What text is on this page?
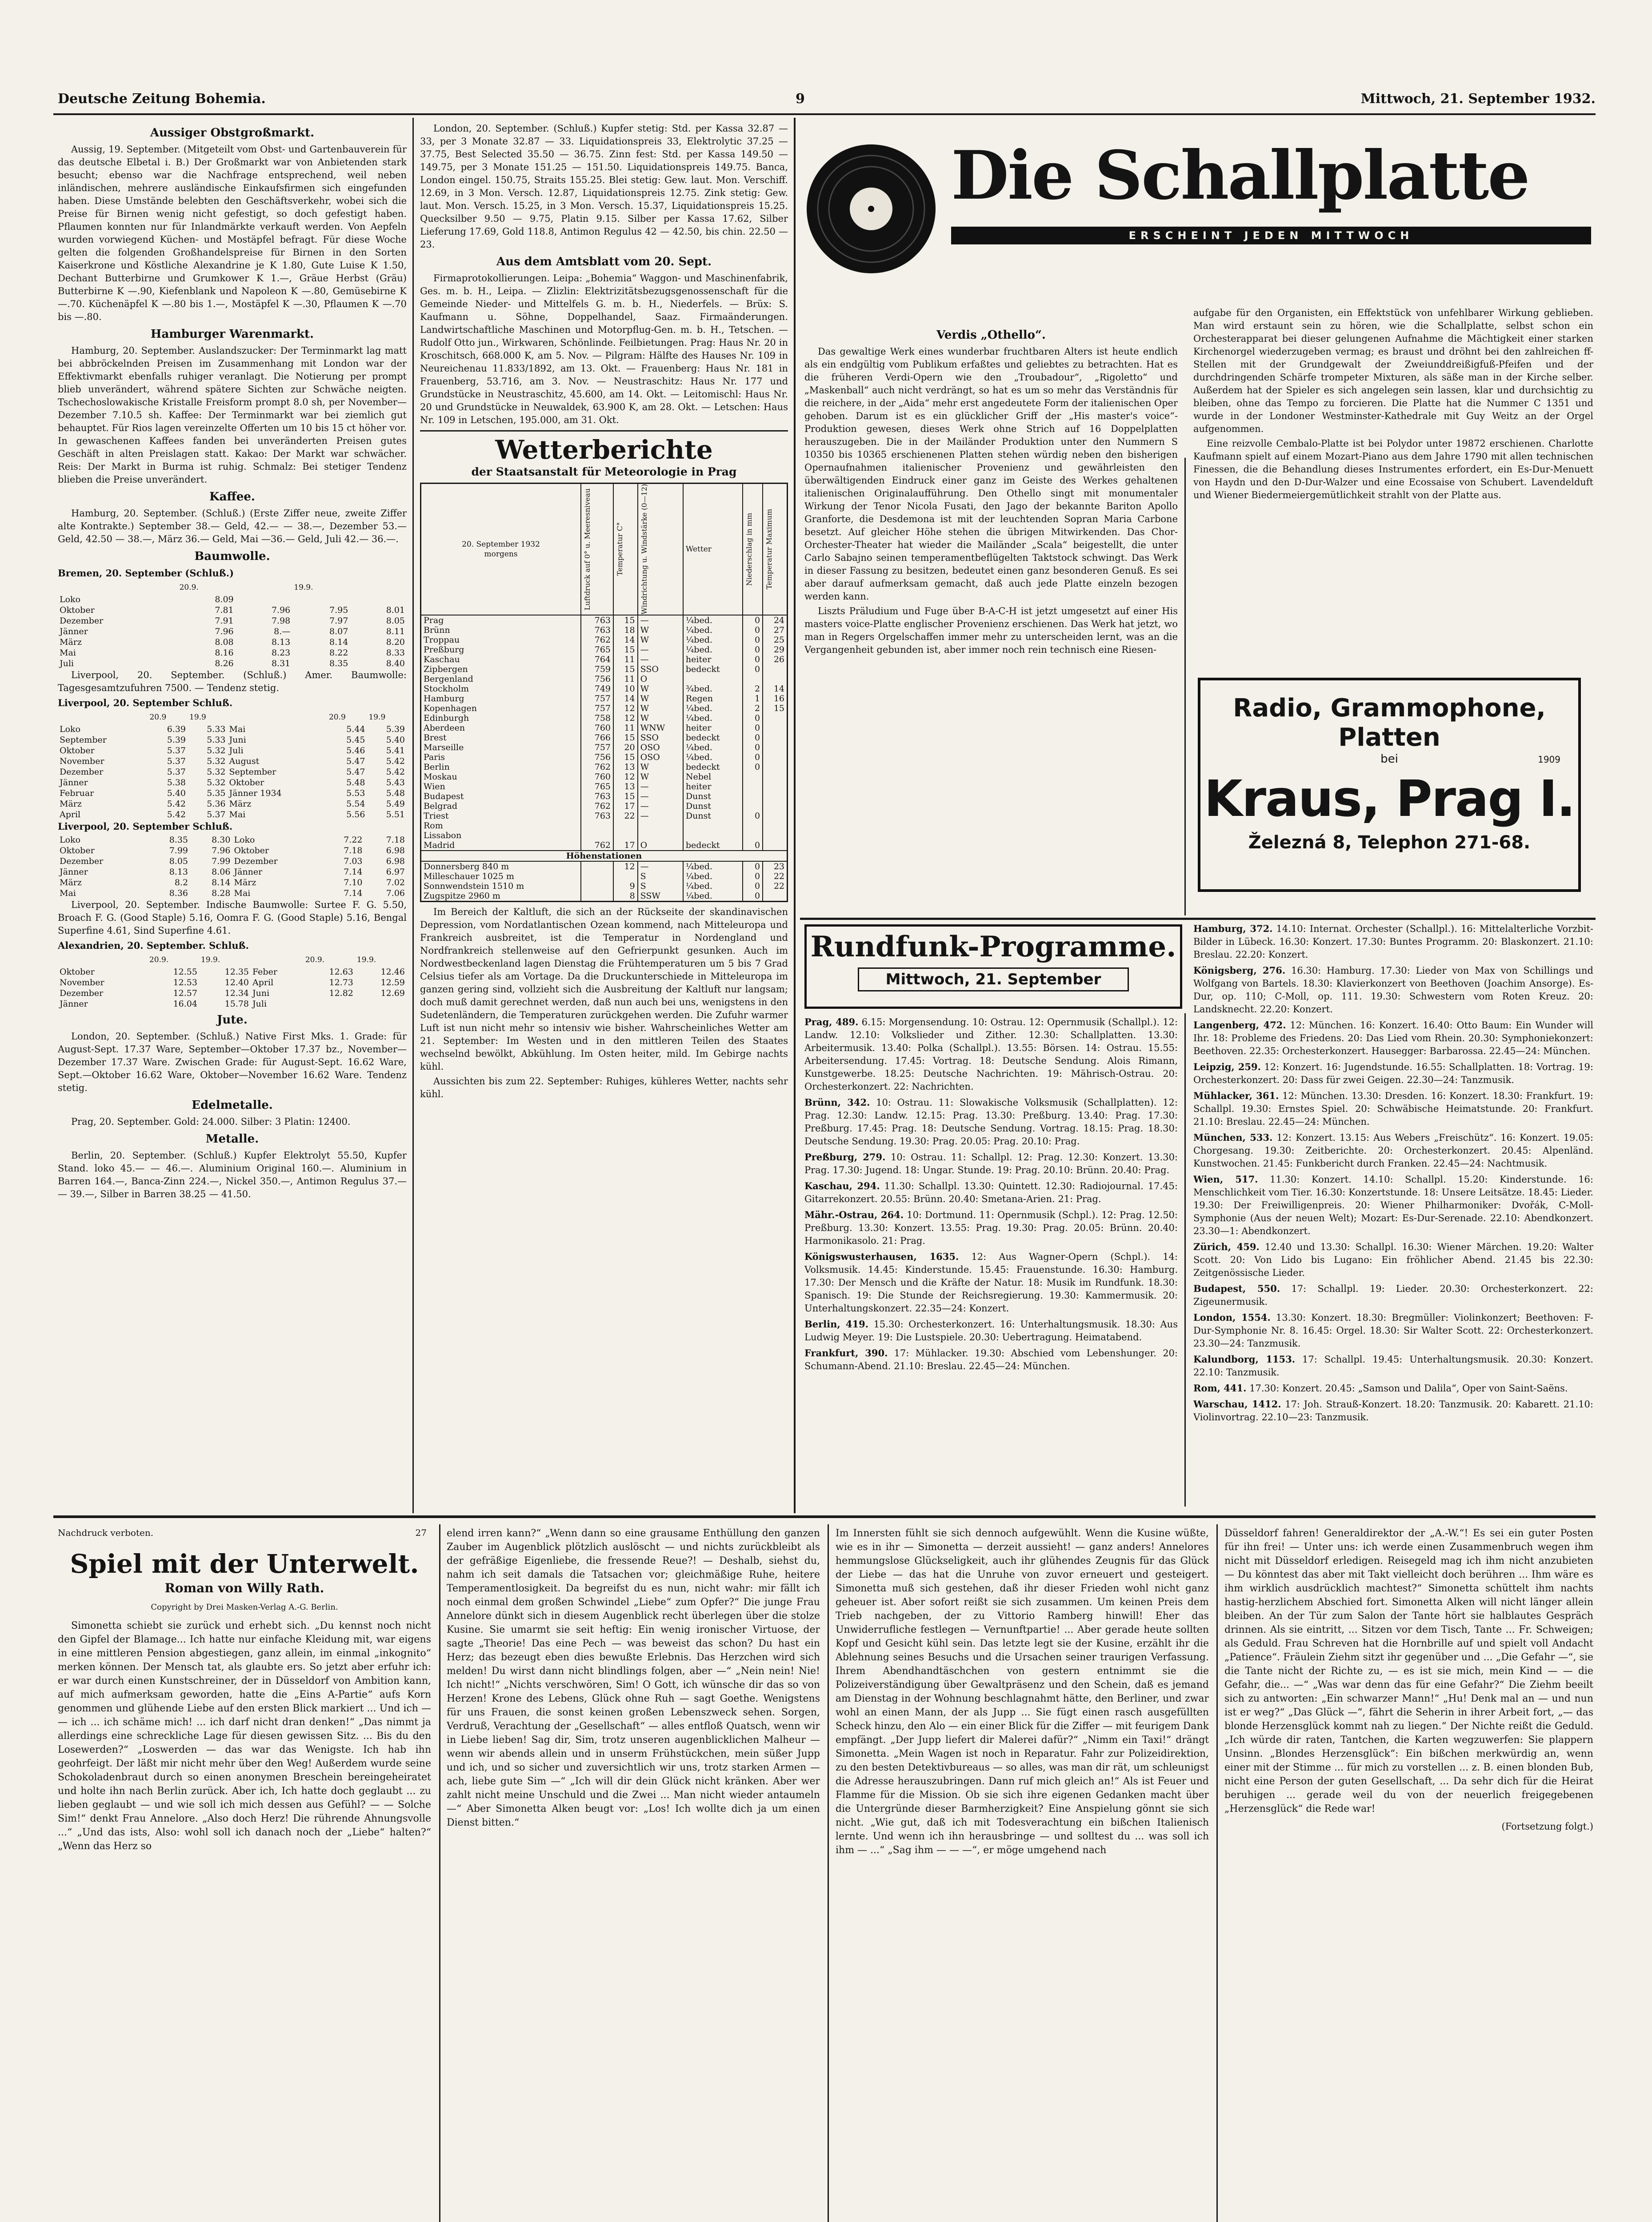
Deutsche Zeitung Bohemia.	9	Mittwoch, 21. September 1932.
Aussiger Obstgroßmarkt.

Aussig, 19. September. (Mitgeteilt vom Obst- und Gartenbauverein für das deutsche Elbetal i. B.) Der Großmarkt war von Anbietenden stark besucht; ebenso war die Nachfrage entsprechend, weil neben inländischen, mehrere ausländische Einkaufsfirmen sich eingefunden haben. Diese Umstände belebten den Geschäftsverkehr, wobei sich die Preise für Birnen wenig nicht gefestigt, so doch gefestigt haben. Pflaumen konnten nur für Inlandmärkte verkauft werden. Von Aepfeln wurden vorwiegend Küchen- und Mostäpfel befragt. Für diese Woche gelten die folgenden Großhandelspreise für Birnen in den Sorten Kaiserkrone und Köstliche Alexandrine je K 1.80, Gute Luise K 1.50, Dechant Butterbirne und Grumkower K 1.—, Gräue Herbst (Gräu) Butterbirne K —.90, Kiefenblank und Napoleon K —.80, Gemüsebirne K —.70. Küchenäpfel K —.80 bis 1.—, Mostäpfel K —.30, Pflaumen K —.70 bis —.80.

Hamburger Warenmarkt.

Hamburg, 20. September. Auslandszucker: Der Terminmarkt lag matt bei abbröckelnden Preisen im Zusammenhang mit London war der Effektivmarkt ebenfalls ruhiger veranlagt. Die Notierung per prompt blieb unverändert, während spätere Sichten zur Schwäche neigten. Tschechoslowakische Kristalle Freisform prompt 8.0 sh, per November—Dezember 7.10.5 sh. Kaffee: Der Terminmarkt war bei ziemlich gut behauptet. Für Rios lagen vereinzelte Offerten um 10 bis 15 ct höher vor. In gewaschenen Kaffees fanden bei unveränderten Preisen gutes Geschäft in alten Preislagen statt. Kakao: Der Markt war schwächer. Reis: Der Markt in Burma ist ruhig. Schmalz: Bei stetiger Tendenz blieben die Preise unverändert.

Kaffee.

Hamburg, 20. September. (Schluß.) (Erste Ziffer neue, zweite Ziffer alte Kontrakte.) September 38.— Geld, 42.— — 38.—, Dezember 53.— Geld, 42.50 — 38.—, März 36.— Geld, Mai —36.— Geld, Juli 42.— 36.—.

Baumwolle.

Bremen, 20. September (Schluß.)

	20.9.		19.9.	
Loko	8.09			
Oktober	7.81	7.96	7.95	8.01
Dezember	7.91	7.98	7.97	8.05
Jänner	7.96	8.—	8.07	8.11
März	8.08	8.13	8.14	8.20
Mai	8.16	8.23	8.22	8.33
Juli	8.26	8.31	8.35	8.40

Liverpool, 20. September. (Schluß.) Amer. Baumwolle: Tagesgesamtzufuhren 7500. — Tendenz stetig.

Liverpool, 20. September Schluß.

	20.9	19.9		20.9	19.9
Loko	6.39	5.33	Mai	5.44	5.39
September	5.39	5.33	Juni	5.45	5.40
Oktober	5.37	5.32	Juli	5.46	5.41
November	5.37	5.32	August	5.47	5.42
Dezember	5.37	5.32	September	5.47	5.42
Jänner	5.38	5.32	Oktober	5.48	5.43
Februar	5.40	5.35	Jänner 1934	5.53	5.48
März	5.42	5.36	März	5.54	5.49
April	5.42	5.37	Mai	5.56	5.51

Liverpool, 20. September Schluß.

Loko	8.35	8.30	Loko	7.22	7.18
Oktober	7.99	7.96	Oktober	7.18	6.98
Dezember	8.05	7.99	Dezember	7.03	6.98
Jänner	8.13	8.06	Jänner	7.14	6.97
März	8.2	8.14	März	7.10	7.02
Mai	8.36	8.28	Mai	7.14	7.06

Liverpool, 20. September. Indische Baumwolle: Surtee F. G. 5.50, Broach F. G. (Good Staple) 5.16, Oomra F. G. (Good Staple) 5.16, Bengal Superfine 4.61, Sind Superfine 4.61.

Alexandrien, 20. September. Schluß.

	20.9.	19.9.		20.9.	19.9.
Oktober	12.55	12.35	Feber	12.63	12.46
November	12.53	12.40	April	12.73	12.59
Dezember	12.57	12.34	Juni	12.82	12.69
Jänner	16.04	15.78	Juli		
Jute.

London, 20. September. (Schluß.) Native First Mks. 1. Grade: für August-Sept. 17.37 Ware, September—Oktober 17.37 bz., November—Dezember 17.37 Ware. Zwischen Grade: für August-Sept. 16.62 Ware, Sept.—Oktober 16.62 Ware, Oktober—November 16.62 Ware. Tendenz stetig.

Edelmetalle.

Prag, 20. September. Gold: 24.000. Silber: 3 Platin: 12400.

Metalle.

Berlin, 20. September. (Schluß.) Kupfer Elektrolyt 55.50, Kupfer Stand. loko 45.— — 46.—. Aluminium Original 160.—. Aluminium in Barren 164.—, Banca-Zinn 224.—, Nickel 350.—, Antimon Regulus 37.— — 39.—, Silber in Barren 38.25 — 41.50.

London, 20. September. (Schluß.) Kupfer stetig: Std. per Kassa 32.87 — 33, per 3 Monate 32.87 — 33. Liquidationspreis 33, Elektrolytic 37.25 — 37.75, Best Selected 35.50 — 36.75. Zinn fest: Std. per Kassa 149.50 — 149.75, per 3 Monate 151.25 — 151.50. Liquidationspreis 149.75. Banca, London eingel. 150.75, Straits 155.25. Blei stetig: Gew. laut. Mon. Verschiff. 12.69, in 3 Mon. Versch. 12.87, Liquidationspreis 12.75. Zink stetig: Gew. laut. Mon. Versch. 15.25, in 3 Mon. Versch. 15.37, Liquidationspreis 15.25. Quecksilber 9.50 — 9.75, Platin 9.15. Silber per Kassa 17.62, Silber Lieferung 17.69, Gold 118.8, Antimon Regulus 42 — 42.50, bis chin. 22.50 — 23.

Aus dem Amtsblatt vom 20. Sept.

Firmaprotokollierungen. Leipa: „Bohemia“ Waggon- und Maschinenfabrik, Ges. m. b. H., Leipa. — Zlizlin: Elektrizitätsbezugsgenossenschaft für die Gemeinde Nieder- und Mittelfels G. m. b. H., Niederfels. — Brüx: S. Kaufmann u. Söhne, Doppelhandel, Saaz. Firmaänderungen. Landwirtschaftliche Maschinen und Motorpflug-Gen. m. b. H., Tetschen. — Rudolf Otto jun., Wirkwaren, Schönlinde. Feilbietungen. Prag: Haus Nr. 20 in Kroschitsch, 668.000 K, am 5. Nov. — Pilgram: Hälfte des Hauses Nr. 109 in Neureichenau 11.833/1892, am 13. Okt. — Frauenberg: Haus Nr. 181 in Frauenberg, 53.716, am 3. Nov. — Neustraschitz: Haus Nr. 177 und Grundstücke in Neustraschitz, 45.600, am 14. Okt. — Leitomischl: Haus Nr. 20 und Grundstücke in Neuwaldek, 63.900 K, am 28. Okt. — Letschen: Haus Nr. 109 in Letschen, 195.000, am 31. Okt.

Wetterberichte
der Staatsanstalt für Meteorologie in Prag
20. September 1932
morgens	Luftdruck auf 0° u. Meeresniveau	Temperatur C°	Windrichtung u. Windstärke (0—12)	Wetter	Niederschlag in mm	Temperatur Maximum

Prag	763	15	—	¼bed.	0	24
Brünn	763	18	W	¼bed.	0	27
Troppau	762	14	W	¼bed.	0	25
Preßburg	765	15	—	¼bed.	0	29
Kaschau	764	11	—	heiter	0	26
Zipbergen	759	15	SSO	bedeckt	0	
Bergenland	756	11	O			
Stockholm	749	10	W	¾bed.	2	14
Hamburg	757	14	W	Regen	1	16
Kopenhagen	757	12	W	¼bed.	2	15
Edinburgh	758	12	W	¼bed.	0	
Aberdeen	760	11	WNW	heiter	0	
Brest	766	15	SSO	bedeckt	0	
Marseille	757	20	OSO	¼bed.	0	
Paris	756	15	OSO	¼bed.	0	
Berlin	762	13	W	bedeckt	0	
Moskau	760	12	W	Nebel		
Wien	765	13	—	heiter		
Budapest	763	15	—	Dunst		
Belgrad	762	17	—	Dunst		
Triest	763	22	—	Dunst	0	
Rom						
Lissabon						
Madrid	762	17	O	bedeckt	0	
Höhenstationen						
Donnersberg 840 m		12	—	¼bed.	0	23
Milleschauer 1025 m			S	¼bed.	0	22
Sonnwendstein 1510 m		9	S	¼bed.	0	22
Zugspitze 2960 m		8	SSW	¼bed.	0	

Im Bereich der Kaltluft, die sich an der Rückseite der skandinavischen Depression, vom Nordatlantischen Ozean kommend, nach Mitteleuropa und Frankreich ausbreitet, ist die Temperatur in Nordengland und Nordfrankreich stellenweise auf den Gefrierpunkt gesunken. Auch im Nordwestbeckenland lagen Dienstag die Frühtemperaturen um 5 bis 7 Grad Celsius tiefer als am Vortage. Da die Druckunterschiede in Mitteleuropa im ganzen gering sind, vollzieht sich die Ausbreitung der Kaltluft nur langsam; doch muß damit gerechnet werden, daß nun auch bei uns, wenigstens in den Sudetenländern, die Temperaturen zurückgehen werden. Die Zufuhr warmer Luft ist nun nicht mehr so intensiv wie bisher. Wahrscheinliches Wetter am 21. September: Im Westen und in den mittleren Teilen des Staates wechselnd bewölkt, Abkühlung. Im Osten heiter, mild. Im Gebirge nachts kühl.

Aussichten bis zum 22. September: Ruhiges, kühleres Wetter, nachts sehr kühl.

Die Schallplatte
ERSCHEINT JEDEN MITTWOCH
Verdis „Othello“.

Das gewaltige Werk eines wunderbar fruchtbaren Alters ist heute endlich als ein endgültig vom Publikum erfaßtes und geliebtes zu betrachten. Hat es die früheren Verdi-Opern wie den „Troubadour“, „Rigoletto“ und „Maskenball“ auch nicht verdrängt, so hat es um so mehr das Verständnis für die reichere, in der „Aida“ mehr erst angedeutete Form der italienischen Oper gehoben. Darum ist es ein glücklicher Griff der „His master's voice“-Produktion gewesen, dieses Werk ohne Strich auf 16 Doppelplatten herauszugeben. Die in der Mailänder Produktion unter den Nummern S 10350 bis 10365 erschienenen Platten stehen würdig neben den bisherigen Opernaufnahmen italienischer Provenienz und gewährleisten den überwältigenden Eindruck einer ganz im Geiste des Werkes gehaltenen italienischen Originalaufführung. Den Othello singt mit monumentaler Wirkung der Tenor Nicola Fusati, den Jago der bekannte Bariton Apollo Granforte, die Desdemona ist mit der leuchtenden Sopran Maria Carbone besetzt. Auf gleicher Höhe stehen die übrigen Mitwirkenden. Das Chor-Orchester-Theater hat wieder die Mailänder „Scala“ beigestellt, die unter Carlo Sabajno seinen temperamentbeflügelten Taktstock schwingt. Das Werk in dieser Fassung zu besitzen, bedeutet einen ganz besonderen Genuß. Es sei aber darauf aufmerksam gemacht, daß auch jede Platte einzeln bezogen werden kann.

Liszts Präludium und Fuge über B-A-C-H ist jetzt umgesetzt auf einer His masters voice-Platte englischer Provenienz erschienen. Das Werk hat jetzt, wo man in Regers Orgelschaffen immer mehr zu unterscheiden lernt, was an die Vergangenheit gebunden ist, aber immer noch rein technisch eine Riesen-

aufgabe für den Organisten, ein Effektstück von unfehlbarer Wirkung geblieben. Man wird erstaunt sein zu hören, wie die Schallplatte, selbst schon ein Orchesterapparat bei dieser gelungenen Aufnahme die Mächtigkeit einer starken Kirchenorgel wiederzugeben vermag; es braust und dröhnt bei den zahlreichen ff-Stellen mit der Grundgewalt der Zweiunddreißigfuß-Pfeifen und der durchdringenden Schärfe trompeter Mixturen, als säße man in der Kirche selber. Außerdem hat der Spieler es sich angelegen sein lassen, klar und durchsichtig zu bleiben, ohne das Tempo zu forcieren. Die Platte hat die Nummer C 1351 und wurde in der Londoner Westminster-Kathedrale mit Guy Weitz an der Orgel aufgenommen.

Eine reizvolle Cembalo-Platte ist bei Polydor unter 19872 erschienen. Charlotte Kaufmann spielt auf einem Mozart-Piano aus dem Jahre 1790 mit allen technischen Finessen, die die Behandlung dieses Instrumentes erfordert, ein Es-Dur-Menuett von Haydn und den D-Dur-Walzer und eine Ecossaise von Schubert. Lavendelduft und Wiener Biedermeiergemütlichkeit strahlt von der Platte aus.

Radio, Grammophone,
Platten
bei	1909
Kraus, Prag I.
Železná 8, Telephon 271-68.
Rundfunk-Programme.
Mittwoch, 21. September

Prag, 489. 6.15: Morgensendung. 10: Ostrau. 12: Opernmusik (Schallpl.). 12: Landw. 12.10: Volkslieder und Zither. 12.30: Schallplatten. 13.30: Arbeitermusik. 13.40: Polka (Schallpl.). 13.55: Börsen. 14: Ostrau. 15.55: Arbeitersendung. 17.45: Vortrag. 18: Deutsche Sendung. Alois Rimann, Kunstgewerbe. 18.25: Deutsche Nachrichten. 19: Mährisch-Ostrau. 20: Orchesterkonzert. 22: Nachrichten.

Brünn, 342. 10: Ostrau. 11: Slowakische Volksmusik (Schallplatten). 12: Prag. 12.30: Landw. 12.15: Prag. 13.30: Preßburg. 13.40: Prag. 17.30: Preßburg. 17.45: Prag. 18: Deutsche Sendung. Vortrag. 18.15: Prag. 18.30: Deutsche Sendung. 19.30: Prag. 20.05: Prag. 20.10: Prag.

Preßburg, 279. 10: Ostrau. 11: Schallpl. 12: Prag. 12.30: Konzert. 13.30: Prag. 17.30: Jugend. 18: Ungar. Stunde. 19: Prag. 20.10: Brünn. 20.40: Prag.

Kaschau, 294. 11.30: Schallpl. 13.30: Quintett. 12.30: Radiojournal. 17.45: Gitarrekonzert. 20.55: Brünn. 20.40: Smetana-Arien. 21: Prag.

Mähr.-Ostrau, 264. 10: Dortmund. 11: Opernmusik (Schpl.). 12: Prag. 12.50: Preßburg. 13.30: Konzert. 13.55: Prag. 19.30: Prag. 20.05: Brünn. 20.40: Harmonikasolo. 21: Prag.

Königswusterhausen, 1635. 12: Aus Wagner-Opern (Schpl.). 14: Volksmusik. 14.45: Kinderstunde. 15.45: Frauenstunde. 16.30: Hamburg. 17.30: Der Mensch und die Kräfte der Natur. 18: Musik im Rundfunk. 18.30: Spanisch. 19: Die Stunde der Reichsregierung. 19.30: Kammermusik. 20: Unterhaltungskonzert. 22.35—24: Konzert.

Berlin, 419. 15.30: Orchesterkonzert. 16: Unterhaltungsmusik. 18.30: Aus Ludwig Meyer. 19: Die Lustspiele. 20.30: Uebertragung. Heimatabend.

Frankfurt, 390. 17: Mühlacker. 19.30: Abschied vom Lebenshunger. 20: Schumann-Abend. 21.10: Breslau. 22.45—24: München.

Hamburg, 372. 14.10: Internat. Orchester (Schallpl.). 16: Mittelalterliche Vorzbit-Bilder in Lübeck. 16.30: Konzert. 17.30: Buntes Programm. 20: Blaskonzert. 21.10: Breslau. 22.20: Konzert.

Königsberg, 276. 16.30: Hamburg. 17.30: Lieder von Max von Schillings und Wolfgang von Bartels. 18.30: Klavierkonzert von Beethoven (Joachim Ansorge). Es-Dur, op. 110; C-Moll, op. 111. 19.30: Schwestern vom Roten Kreuz. 20: Landsknecht. 22.20: Konzert.

Langenberg, 472. 12: München. 16: Konzert. 16.40: Otto Baum: Ein Wunder will Ihr. 18: Probleme des Friedens. 20: Das Lied vom Rhein. 20.30: Symphoniekonzert: Beethoven. 22.35: Orchesterkonzert. Hausegger: Barbarossa. 22.45—24: München.

Leipzig, 259. 12: Konzert. 16: Jugendstunde. 16.55: Schallplatten. 18: Vortrag. 19: Orchesterkonzert. 20: Dass für zwei Geigen. 22.30—24: Tanzmusik.

Mühlacker, 361. 12: München. 13.30: Dresden. 16: Konzert. 18.30: Frankfurt. 19: Schallpl. 19.30: Ernstes Spiel. 20: Schwäbische Heimatstunde. 20: Frankfurt. 21.10: Breslau. 22.45—24: München.

München, 533. 12: Konzert. 13.15: Aus Webers „Freischütz“. 16: Konzert. 19.05: Chorgesang. 19.30: Zeitberichte. 20: Orchesterkonzert. 20.45: Alpenländ. Kunstwochen. 21.45: Funkbericht durch Franken. 22.45—24: Nachtmusik.

Wien, 517. 11.30: Konzert. 14.10: Schallpl. 15.20: Kinderstunde. 16: Menschlichkeit vom Tier. 16.30: Konzertstunde. 18: Unsere Leitsätze. 18.45: Lieder. 19.30: Der Freiwilligenpreis. 20: Wiener Philharmoniker: Dvořák, C-Moll-Symphonie (Aus der neuen Welt); Mozart: Es-Dur-Serenade. 22.10: Abendkonzert. 23.30—1: Abendkonzert.

Zürich, 459. 12.40 und 13.30: Schallpl. 16.30: Wiener Märchen. 19.20: Walter Scott. 20: Von Lido bis Lugano: Ein fröhlicher Abend. 21.45 bis 22.30: Zeitgenössische Lieder.

Budapest, 550. 17: Schallpl. 19: Lieder. 20.30: Orchesterkonzert. 22: Zigeunermusik.

London, 1554. 13.30: Konzert. 18.30: Bregmüller: Violinkonzert; Beethoven: F-Dur-Symphonie Nr. 8. 16.45: Orgel. 18.30: Sir Walter Scott. 22: Orchesterkonzert. 23.30—24: Tanzmusik.

Kalundborg, 1153. 17: Schallpl. 19.45: Unterhaltungsmusik. 20.30: Konzert. 22.10: Tanzmusik.

Rom, 441. 17.30: Konzert. 20.45: „Samson und Dalila“, Oper von Saint-Saëns.

Warschau, 1412. 17: Joh. Strauß-Konzert. 18.20: Tanzmusik. 20: Kabarett. 21.10: Violinvortrag. 22.10—23: Tanzmusik.

Nachdruck verboten.	27
Spiel mit der Unterwelt.
Roman von Willy Rath.
Copyright by Drei Masken-Verlag A.-G. Berlin.

Simonetta schiebt sie zurück und erhebt sich. „Du kennst noch nicht den Gipfel der Blamage... Ich hatte nur einfache Kleidung mit, war eigens in eine mittleren Pension abgestiegen, ganz allein, im einmal „inkognito“ merken können. Der Mensch tat, als glaubte ers. So jetzt aber erfuhr ich: er war durch einen Kunstschreiner, der in Düsseldorf von Ambition kann, auf mich aufmerksam geworden, hatte die „Eins A-Partie“ aufs Korn genommen und glühende Liebe auf den ersten Blick markiert ... Und ich — — ich ... ich schäme mich! ... ich darf nicht dran denken!“ „Das nimmt ja allerdings eine schreckliche Lage für diesen gewissen Sitz. ... Bis du den Losewerden?“ „Loswerden — das war das Wenigste. Ich hab ihn geohrfeigt. Der läßt mir nicht mehr über den Weg! Außerdem wurde seine Schokoladenbraut durch so einen anonymen Breschein bereingeheiratet und holte ihn nach Berlin zurück. Aber ich, Ich hatte doch geglaubt ... zu lieben geglaubt — und wie soll ich mich dessen aus Gefühl? — — Solche Sim!“ denkt Frau Annelore. „Also doch Herz! Die rührende Ahnungsvolle ...“ „Und das ists, Also: wohl soll ich danach noch der „Liebe“ halten?“ „Wenn das Herz so

elend irren kann?“ „Wenn dann so eine grausame Enthüllung den ganzen Zauber im Augenblick plötzlich auslöscht — und nichts zurückbleibt als der gefräßige Eigenliebe, die fressende Reue?! — Deshalb, siehst du, nahm ich seit damals die Tatsachen vor; gleichmäßige Ruhe, heitere Temperamentlosigkeit. Da begreifst du es nun, nicht wahr: mir fällt ich noch einmal dem großen Schwindel „Liebe“ zum Opfer?“ Die junge Frau Annelore dünkt sich in diesem Augenblick recht überlegen über die stolze Kusine. Sie umarmt sie seit heftig: Ein wenig ironischer Virtuose, der sagte „Theorie! Das eine Pech — was beweist das schon? Du hast ein Herz; das bezeugt eben dies bewußte Erlebnis. Das Herzchen wird sich melden! Du wirst dann nicht blindlings folgen, aber —“ „Nein nein! Nie! Ich nicht!“ „Nichts verschwören, Sim! O Gott, ich wünsche dir das so von Herzen! Krone des Lebens, Glück ohne Ruh — sagt Goethe. Wenigstens für uns Frauen, die sonst keinen großen Lebenszweck sehen. Sorgen, Verdruß, Verachtung der „Gesellschaft“ — alles entfloß Quatsch, wenn wir in Liebe lieben! Sag dir, Sim, trotz unseren augenblicklichen Malheur — wenn wir abends allein und in unserm Frühstückchen, mein süßer Jupp und ich, und so sicher und zuversichtlich wir uns, trotz starken Armen — ach, liebe gute Sim —“ „Ich will dir dein Glück nicht kränken. Aber wer zahlt nicht meine Unschuld und die Zwei ... Man nicht wieder antaumeln —“ Aber Simonetta Alken beugt vor: „Los! Ich wollte dich ja um einen Dienst bitten.“

Im Innersten fühlt sie sich dennoch aufgewühlt. Wenn die Kusine wüßte, wie es in ihr — Simonetta — derzeit aussieht! — ganz anders! Annelores hemmungslose Glückseligkeit, auch ihr glühendes Zeugnis für das Glück der Liebe — das hat die Unruhe von zuvor erneuert und gesteigert. Simonetta muß sich gestehen, daß ihr dieser Frieden wohl nicht ganz geheuer ist. Aber sofort reißt sie sich zusammen. Um keinen Preis dem Trieb nachgeben, der zu Vittorio Ramberg hinwill! Eher das Unwiderrufliche festlegen — Vernunftpartie! ... Aber gerade heute sollten Kopf und Gesicht kühl sein. Das letzte legt sie der Kusine, erzählt ihr die Ablehnung seines Besuchs und die Ursachen seiner traurigen Verfassung. Ihrem Abendhandtäschchen von gestern entnimmt sie die Polizeiverständigung über Gewaltpräsenz und den Schein, daß es jemand am Dienstag in der Wohnung beschlagnahmt hätte, den Berliner, und zwar wohl an einen Mann, der als Jupp ... Sie fügt einen rasch ausgefüllten Scheck hinzu, den Alo — ein einer Blick für die Ziffer — mit feurigem Dank empfängt. „Der Jupp liefert dir Malerei dafür?“ „Nimm ein Taxi!“ drängt Simonetta. „Mein Wagen ist noch in Reparatur. Fahr zur Polizeidirektion, zu den besten Detektivbureaus — so alles, was man dir rät, um schleunigst die Adresse herauszubringen. Dann ruf mich gleich an!“ Als ist Feuer und Flamme für die Mission. Ob sie sich ihre eigenen Gedanken macht über die Untergründe dieser Barmherzigkeit? Eine Anspielung gönnt sie sich nicht. „Wie gut, daß ich mit Todesverachtung ein bißchen Italienisch lernte. Und wenn ich ihn herausbringe — und solltest du ... was soll ich ihm — ...“ „Sag ihm — — —“, er möge umgehend nach

Düsseldorf fahren! Generaldirektor der „A.-W.“! Es sei ein guter Posten für ihn frei! — Unter uns: ich werde einen Zusammenbruch wegen ihm nicht mit Düsseldorf erledigen. Reisegeld mag ich ihm nicht anzubieten — Du könntest das aber mit Takt vielleicht doch berühren ... Ihm wäre es ihm wirklich ausdrücklich machtest?“ Simonetta schüttelt ihm nachts hastig-herzlichem Abschied fort. Simonetta Alken will nicht länger allein bleiben. An der Tür zum Salon der Tante hört sie halblautes Gespräch drinnen. Als sie eintritt, ... Sitzen vor dem Tisch, Tante ... Fr. Schweigen; als Geduld. Frau Schreven hat die Hornbrille auf und spielt voll Andacht „Patience“. Fräulein Ziehm sitzt ihr gegenüber und ... „Die Gefahr —“, sie die Tante nicht der Richte zu, — es ist sie mich, mein Kind — — die Gefahr, die... —“ „Was war denn das für eine Gefahr?“ Die Ziehm beeilt sich zu antworten: „Ein schwarzer Mann!“ „Hu! Denk mal an — und nun ist er weg?“ „Das Glück —“, fährt die Seherin in ihrer Arbeit fort, „— das blonde Herzensglück kommt nah zu liegen.“ Der Nichte reißt die Geduld. „Ich würde dir raten, Tantchen, die Karten wegzuwerfen: Sie plappern Unsinn. „Blondes Herzensglück“: Ein bißchen merkwürdig an, wenn einer mit der Stimme ... für mich zu vorstellen ... z. B. einen blonden Bub, nicht eine Person der guten Gesellschaft, ... Da sehr dich für die Heirat beruhigen ... gerade weil du von der neuerlich freigegebenen „Herzensglück“ die Rede war!

(Fortsetzung folgt.)
